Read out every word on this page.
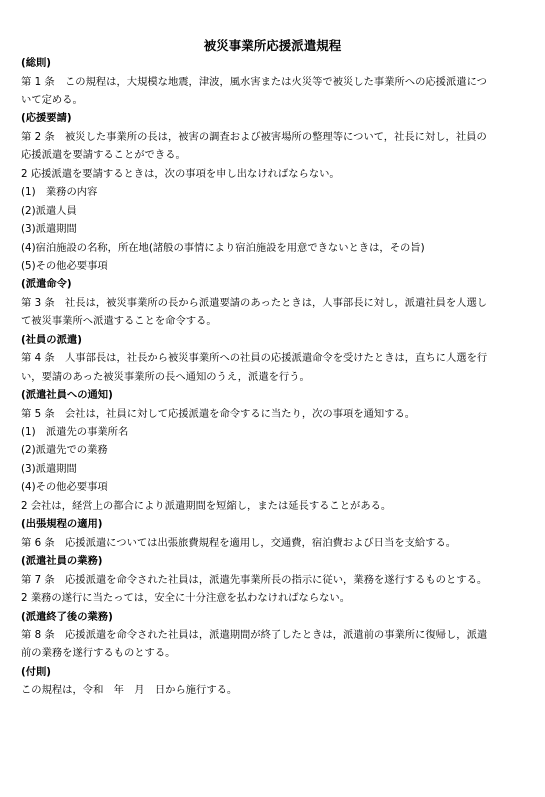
被災事業所応援派遣規程
(総則)
第 1 条　この規程は，大規模な地震，津波，風水害または火災等で被災した事業所への応援派遣につ
いて定める。
(応援要請)
第 2 条　被災した事業所の長は，被害の調査および被害場所の整理等について，社長に対し，社員の
応援派遣を要請することができる。
2 応援派遣を要請するときは，次の事項を申し出なければならない。
(1)　業務の内容
(2)派遣人員
(3)派遣期間
(4)宿泊施設の名称，所在地(諸般の事情により宿泊施設を用意できないときは，その旨)
(5)その他必要事項
(派遣命令)
第 3 条　社長は，被災事業所の長から派遣要請のあったときは，人事部長に対し，派遣社員を人選し
て被災事業所へ派遣することを命令する。
(社員の派遣)
第 4 条　人事部長は，社長から被災事業所への社員の応援派遣命令を受けたときは，直ちに人選を行
い，要請のあった被災事業所の長へ通知のうえ，派遣を行う。
(派遣社員への通知)
第 5 条　会社は，社員に対して応援派遣を命令するに当たり，次の事項を通知する。
(1)　派遣先の事業所名
(2)派遣先での業務
(3)派遣期間
(4)その他必要事項
2 会社は，経営上の都合により派遣期間を短縮し，または延長することがある。
(出張規程の適用)
第 6 条　応援派遣については出張旅費規程を適用し，交通費，宿泊費および日当を支給する。
(派遣社員の業務)
第 7 条　応援派遣を命令された社員は，派遣先事業所長の指示に従い，業務を遂行するものとする。
2 業務の遂行に当たっては，安全に十分注意を払わなければならない。
(派遣終了後の業務)
第 8 条　応援派遣を命令された社員は，派遣期間が終了したときは，派遣前の事業所に復帰し，派遣
前の業務を遂行するものとする。
(付則)
この規程は，令和　年　月　日から施行する。
